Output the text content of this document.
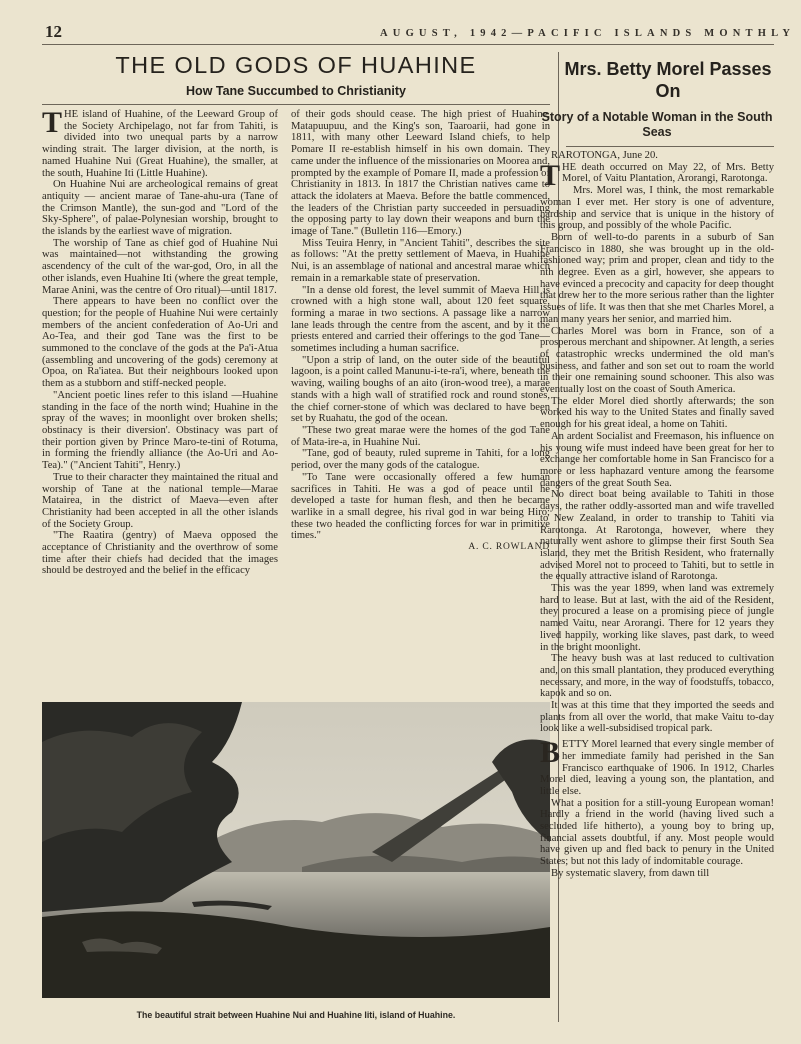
12	AUGUST, 1942—PACIFIC ISLANDS MONTHLY
THE OLD GODS OF HUAHINE
How Tane Succumbed to Christianity

THE island of Huahine, of the Leeward Group of the Society Archipelago, not far from Tahiti, is divided into two unequal parts by a narrow winding strait. The larger division, at the north, is named Huahine Nui (Great Huahine), the smaller, at the south, Huahine Iti (Little Huahine).

On Huahine Nui are archeological remains of great antiquity — ancient marae of Tane-ahu-ura (Tane of the Crimson Mantle), the sun-god and "Lord of the Sky-Sphere", of palae-Polynesian worship, brought to the islands by the earliest wave of migration.

The worship of Tane as chief god of Huahine Nui was maintained—not withstanding the growing ascendency of the cult of the war-god, Oro, in all the other islands, even Huahine Iti (where the great temple, Marae Anini, was the centre of Oro ritual)—until 1817.

There appears to have been no conflict over the question; for the people of Huahine Nui were certainly members of the ancient confederation of Ao-Uri and Ao-Tea, and their god Tane was the first to be summoned to the conclave of the gods at the Pa'i-Atua (assembling and uncovering of the gods) ceremony at Opoa, on Ra'iatea. But their neighbours looked upon them as a stubborn and stiff-necked people.

"Ancient poetic lines refer to this island —Huahine standing in the face of the north wind; Huahine in the spray of the waves; in moonlight over broken shells; obstinacy is their diversion'. Obstinacy was part of their portion given by Prince Maro-te-tini of Rotuma, in forming the friendly alliance (the Ao-Uri and Ao-Tea)." ("Ancient Tahiti", Henry.)

True to their character they maintained the ritual and worship of Tane at the national temple—Marae Matairea, in the district of Maeva—even after Christianity had been accepted in all the other islands of the Society Group.

"The Raatira (gentry) of Maeva opposed the acceptance of Christianity and the overthrow of some time after their chiefs had decided that the images should be destroyed and the belief in the efficacy

of their gods should cease. The high priest of Huahine, Matapuupuu, and the King's son, Taaroarii, had gone in 1811, with many other Leeward Island chiefs, to help Pomare II re-establish himself in his own domain. They came under the influence of the missionaries on Moorea and, prompted by the example of Pomare II, made a profession of Christianity in 1813. In 1817 the Christian natives came to attack the idolaters at Maeva. Before the battle commenced, the leaders of the Christian party succeeded in persuading the opposing party to lay down their weapons and burn the image of Tane." (Bulletin 116—Emory.)

Miss Teuira Henry, in "Ancient Tahiti", describes the site as follows: "At the pretty settlement of Maeva, in Huahine Nui, is an assemblage of national and ancestral marae which remain in a remarkable state of preservation.

"In a dense old forest, the level summit of Maeva Hill is crowned with a high stone wall, about 120 feet square, forming a marae in two sections. A passage like a narrow lane leads through the centre from the ascent, and by it the priests entered and carried their offerings to the god Tane—sometimes including a human sacrifice.

"Upon a strip of land, on the outer side of the beautiful lagoon, is a point called Manunu-i-te-ra'i, where, beneath the waving, wailing boughs of an aito (iron-wood tree), a marae stands with a high wall of stratified rock and round stones, the chief corner-stone of which was declared to have been set by Ruahatu, the god of the ocean.

"These two great marae were the homes of the god Tane of Mata-ire-a, in Huahine Nui.

"Tane, god of beauty, ruled supreme in Tahiti, for a long period, over the many gods of the catalogue.

"To Tane were occasionally offered a few human sacrifices in Tahiti. He was a god of peace until he developed a taste for human flesh, and then he became warlike in a small degree, his rival god in war being Hiro; these two headed the conflicting forces for war in primitive times."

A. C. ROWLAND
The beautiful strait between Huahine Nui and Huahine Iiti, island of Huahine.
Mrs. Betty Morel Passes On
Story of a Notable Woman in the South Seas

RAROTONGA, June 20.

THE death occurred on May 22, of Mrs. Betty Morel, of Vaitu Plantation, Arorangi, Rarotonga.

Mrs. Morel was, I think, the most remarkable woman I ever met. Her story is one of adventure, hardship and service that is unique in the history of this group, and possibly of the whole Pacific.

Born of well-to-do parents in a suburb of San Francisco in 1880, she was brought up in the old-fashioned way; prim and proper, clean and tidy to the nth degree. Even as a girl, however, she appears to have evinced a precocity and capacity for deep thought that drew her to the more serious rather than the lighter issues of life. It was then that she met Charles Morel, a man many years her senior, and married him.

Charles Morel was born in France, son of a prosperous merchant and shipowner. At length, a series of catastrophic wrecks undermined the old man's business, and father and son set out to roam the world in their one remaining sound schooner. This also was eventually lost on the coast of South America.

The elder Morel died shortly afterwards; the son worked his way to the United States and finally saved enough for his great ideal, a home on Tahiti.

An ardent Socialist and Freemason, his influence on his young wife must indeed have been great for her to exchange her comfortable home in San Francisco for a more or less haphazard venture among the fearsome dangers of the great South Sea.

No direct boat being available to Tahiti in those days, the rather oddly-assorted man and wife travelled to New Zealand, in order to tranship to Tahiti via Rarotonga. At Rarotonga, however, where they naturally went ashore to glimpse their first South Sea island, they met the British Resident, who fraternally advised Morel not to proceed to Tahiti, but to settle in the equally attractive island of Rarotonga.

This was the year 1899, when land was extremely hard to lease. But at last, with the aid of the Resident, they procured a lease on a promising piece of jungle named Vaitu, near Arorangi. There for 12 years they lived happily, working like slaves, past dark, to weed in the bright moonlight.

The heavy bush was at last reduced to cultivation and, on this small plantation, they produced everything necessary, and more, in the way of foodstuffs, tobacco, kapok and so on.

It was at this time that they imported the seeds and plants from all over the world, that make Vaitu to-day look like a well-subsidised tropical park.

BETTY Morel learned that every single member of her immediate family had perished in the San Francisco earthquake of 1906. In 1912, Charles Morel died, leaving a young son, the plantation, and little else.

What a position for a still-young European woman! Hardly a friend in the world (having lived such a secluded life hitherto), a young boy to bring up, financial assets doubtful, if any. Most people would have given up and fled back to penury in the United States; but not this lady of indomitable courage.

By systematic slavery, from dawn till
